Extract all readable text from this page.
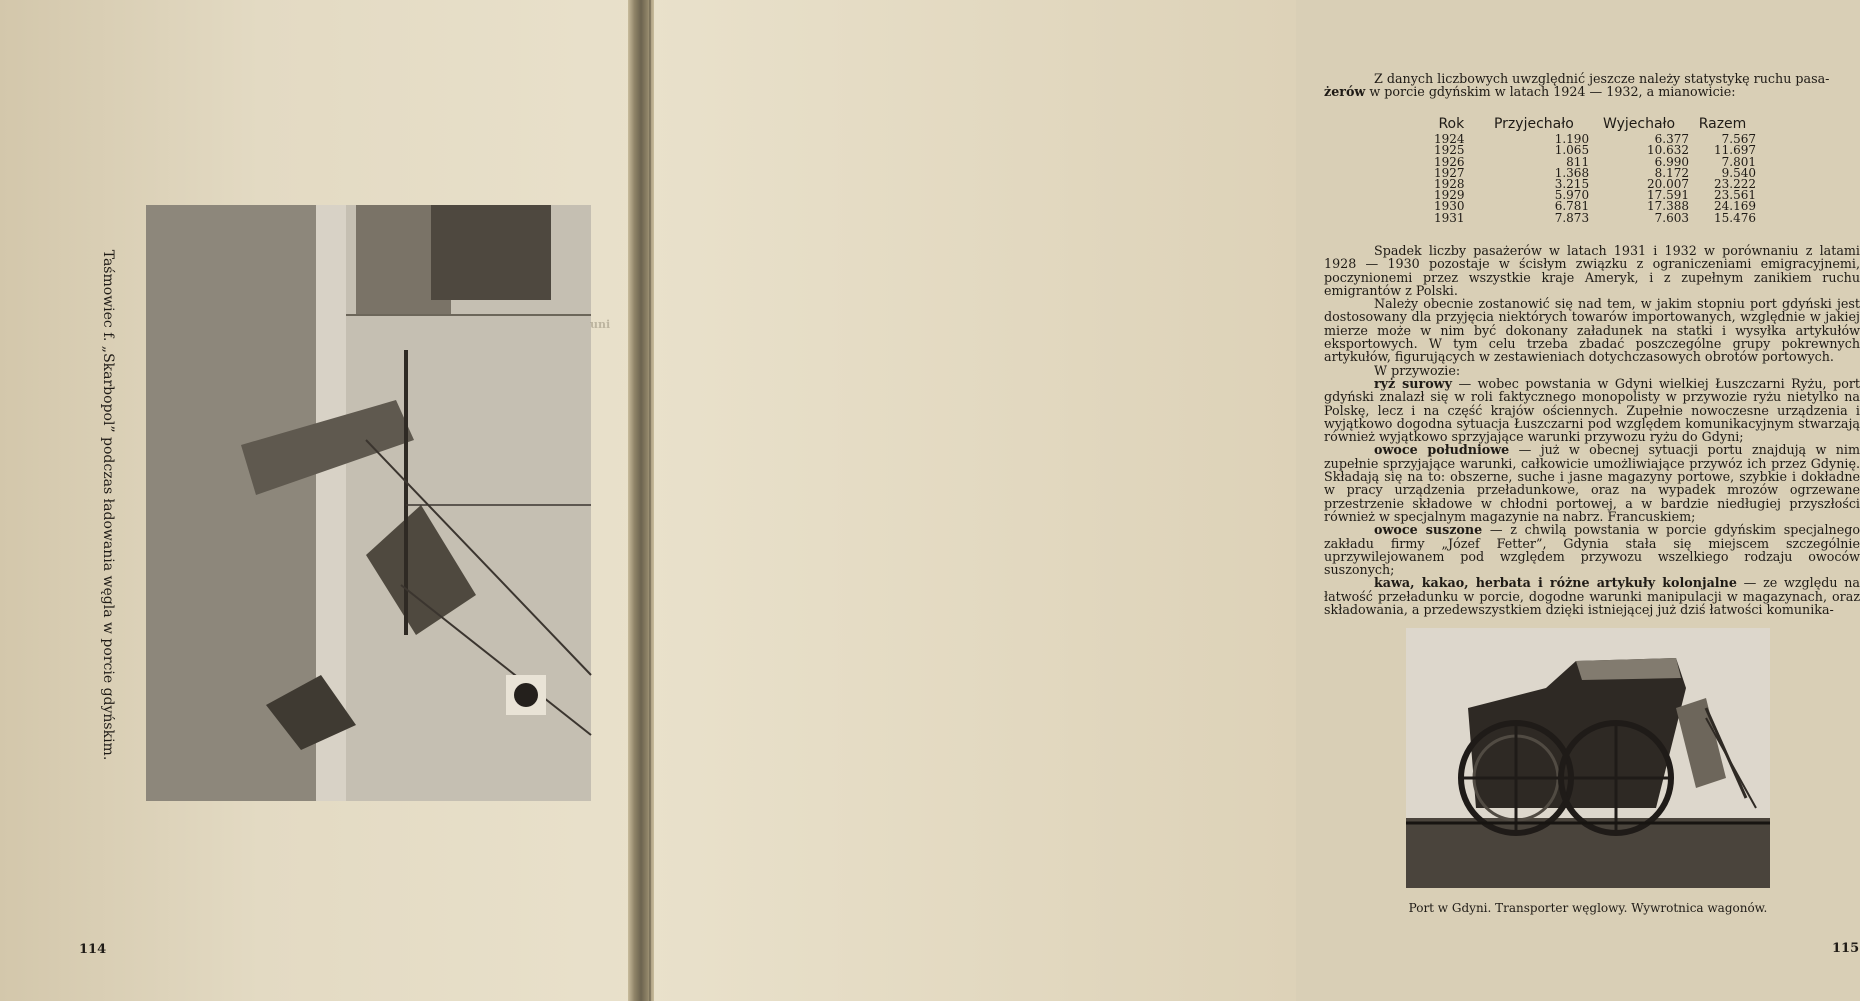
Taśmowiec f. „Skarbopol” podczas ładowania węgla w porcie gdyńskim.
114
uni

Z danych liczbowych uwzględnić jeszcze należy statystykę ruchu pasa-

żerów w porcie gdyńskim w latach 1924 — 1932, a mianowicie:

Rok	Przyjechało	Wyjechało	Razem
1924	1.190	6.377	7.567
1925	1.065	10.632	11.697
1926	811	6.990	7.801
1927	1.368	8.172	9.540
1928	3.215	20.007	23.222
1929	5.970	17.591	23.561
1930	6.781	17.388	24.169
1931	7.873	7.603	15.476

Spadek liczby pasażerów w latach 1931 i 1932 w porównaniu z latami 1928 — 1930 pozostaje w ścisłym związku z ograniczeniami emigracyjnemi, poczynionemi przez wszystkie kraje Ameryk, i z zupełnym zanikiem ruchu emigrantów z Polski.

Należy obecnie zostanowić się nad tem, w jakim stopniu port gdyński jest dostosowany dla przyjęcia niektórych towarów importowanych, względnie w jakiej mierze może w nim być dokonany załadunek na statki i wysyłka artykułów eksportowych. W tym celu trzeba zbadać poszczególne grupy pokrewnych artykułów, figurujących w zestawieniach dotychczasowych obrotów portowych.

W przywozie:

ryż surowy — wobec powstania w Gdyni wielkiej Łuszczarni Ryżu, port gdyński znalazł się w roli faktycznego monopolisty w przywozie ryżu nietylko na Polskę, lecz i na część krajów ościennych. Zupełnie nowoczesne urządzenia i wyjątkowo dogodna sytuacja Łuszczarni pod względem komunikacyjnym stwarzają również wyjątkowo sprzyjające warunki przywozu ryżu do Gdyni;

owoce południowe — już w obecnej sytuacji portu znajdują w nim zupełnie sprzyjające warunki, całkowicie umożliwiające przywóz ich przez Gdynię. Składają się na to: obszerne, suche i jasne magazyny portowe, szybkie i dokładne w pracy urządzenia przeładunkowe, oraz na wypadek mrozów ogrzewane przestrzenie składowe w chłodni portowej, a w bardzie niedługiej przyszłości również w specjalnym magazynie na nabrz. Francuskiem;

owoce suszone — z chwilą powstania w porcie gdyńskim specjalnego zakładu firmy „Józef Fetter”, Gdynia stała się miejscem szczególnie uprzywilejowanem pod względem przywozu wszelkiego rodzaju owoców suszonych;

kawa, kakao, herbata i różne artykuły kolonjalne — ze względu na łatwość przeładunku w porcie, dogodne warunki manipulacji w magazynach, oraz składowania, a przedewszystkiem dzięki istniejącej już dziś łatwości komunika-

Port w Gdyni. Transporter węglowy. Wywrotnica wagonów.
115
